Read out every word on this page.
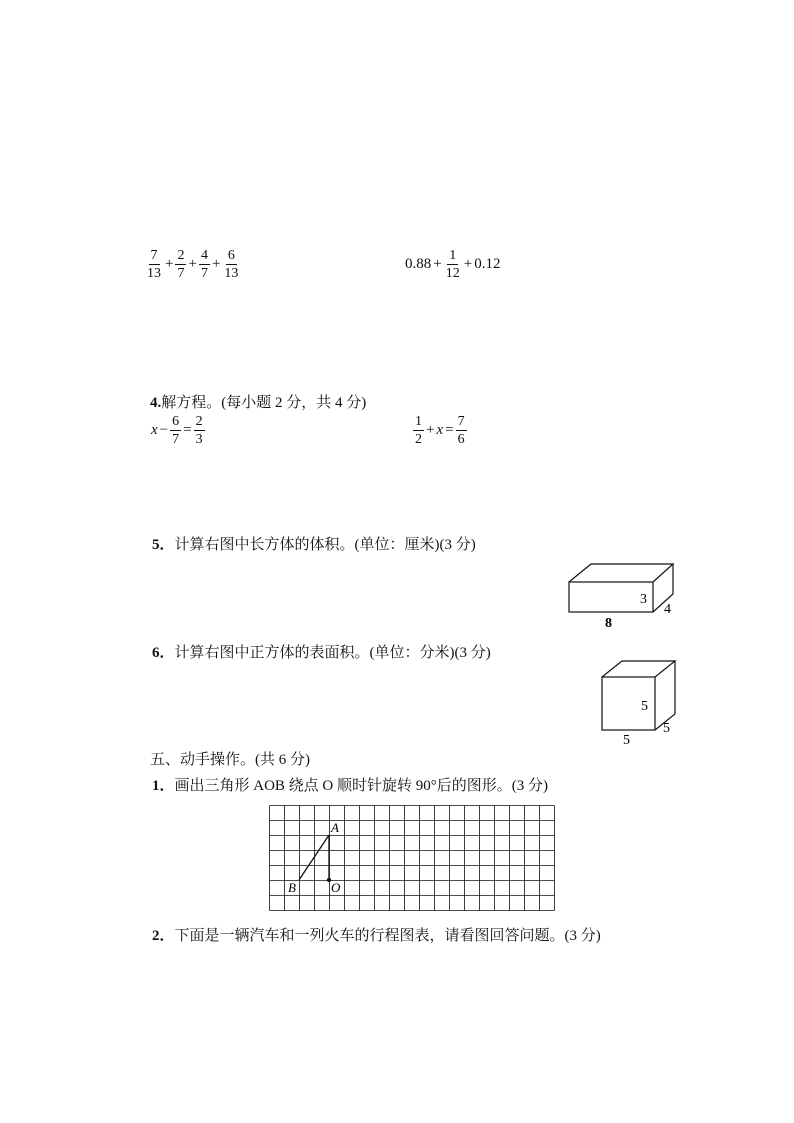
$\frac{7}{13} + \frac{2}{7} + \frac{4}{7} + \frac{6}{13}$	$0.88 + \frac{1}{12} + 0.12$
4.解方程。(每小题 2 分，共 4 分)
$x - \frac{6}{7} = \frac{2}{3}$	$\frac{1}{2} + x = \frac{7}{6}$
5．计算右图中长方体的体积。(单位：厘米)(3 分)
3
4
8
6．计算右图中正方体的表面积。(单位：分米)(3 分)
5
5
5
五、动手操作。(共 6 分)
1．画出三角形 AOB 绕点 O 顺时针旋转 90°后的图形。(3 分)
A
B	O
2．下面是一辆汽车和一列火车的行程图表，请看图回答问题。(3 分)
